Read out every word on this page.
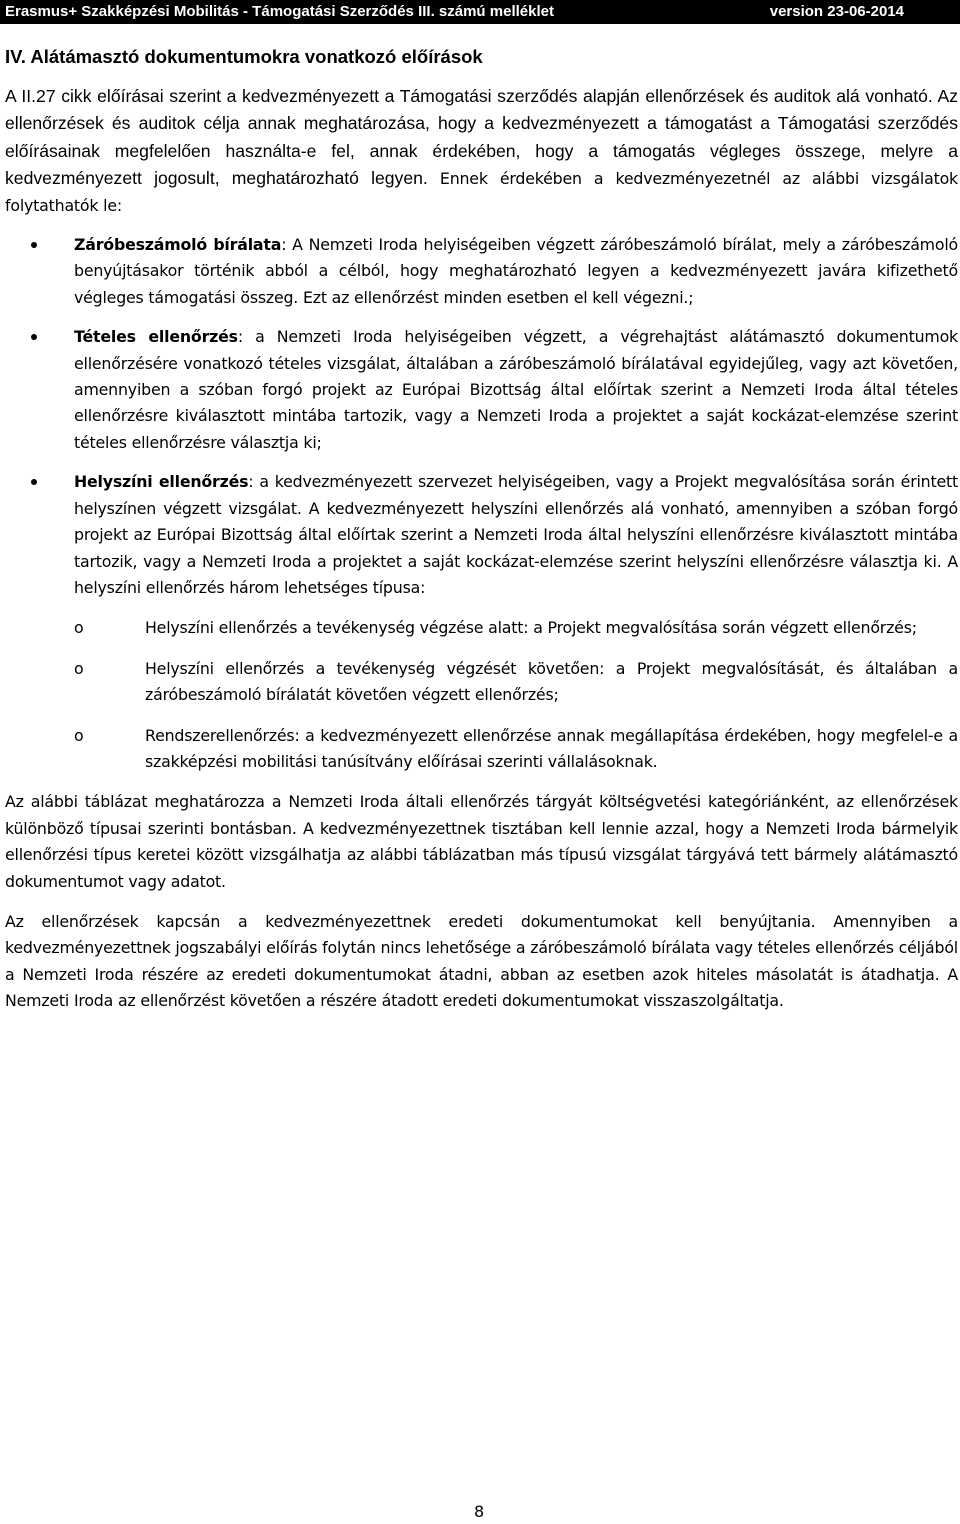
Erasmus+ Szakképzési Mobilitás - Támogatási Szerződés III. számú melléklet	version 23-06-2014
IV. Alátámasztó dokumentumokra vonatkozó előírások

A II.27 cikk előírásai szerint a kedvezményezett a Támogatási szerződés alapján ellenőrzések és auditok alá vonható. Az ellenőrzések és auditok célja annak meghatározása, hogy a kedvezményezett a támogatást a Támogatási szerződés előírásainak megfelelően használta-e fel, annak érdekében, hogy a támogatás végleges összege, melyre a kedvezményezett jogosult, meghatározható legyen. Ennek érdekében a kedvezményezetnél az alábbi vizsgálatok folytathatók le:

Záróbeszámoló bírálata: A Nemzeti Iroda helyiségeiben végzett záróbeszámoló bírálat, mely a záróbeszámoló benyújtásakor történik abból a célból, hogy meghatározható legyen a kedvezményezett javára kifizethető végleges támogatási összeg. Ezt az ellenőrzést minden esetben el kell végezni.;
Tételes ellenőrzés: a Nemzeti Iroda helyiségeiben végzett, a végrehajtást alátámasztó dokumentumok ellenőrzésére vonatkozó tételes vizsgálat, általában a záróbeszámoló bírálatával egyidejűleg, vagy azt követően, amennyiben a szóban forgó projekt az Európai Bizottság által előírtak szerint a Nemzeti Iroda által tételes ellenőrzésre kiválasztott mintába tartozik, vagy a Nemzeti Iroda a projektet a saját kockázat-elemzése szerint tételes ellenőrzésre választja ki;
Helyszíni ellenőrzés: a kedvezményezett szervezet helyiségeiben, vagy a Projekt megvalósítása során érintett helyszínen végzett vizsgálat. A kedvezményezett helyszíni ellenőrzés alá vonható, amennyiben a szóban forgó projekt az Európai Bizottság által előírtak szerint a Nemzeti Iroda által helyszíni ellenőrzésre kiválasztott mintába tartozik, vagy a Nemzeti Iroda a projektet a saját kockázat-elemzése szerint helyszíni ellenőrzésre választja ki. A helyszíni ellenőrzés három lehetséges típusa:
o	Helyszíni ellenőrzés a tevékenység végzése alatt: a Projekt megvalósítása során végzett ellenőrzés;
o	Helyszíni ellenőrzés a tevékenység végzését követően: a Projekt megvalósítását, és általában a záróbeszámoló bírálatát követően végzett ellenőrzés;
o	Rendszerellenőrzés: a kedvezményezett ellenőrzése annak megállapítása érdekében, hogy megfelel-e a szakképzési mobilitási tanúsítvány előírásai szerinti vállalásoknak.

Az alábbi táblázat meghatározza a Nemzeti Iroda általi ellenőrzés tárgyát költségvetési kategóriánként, az ellenőrzések különböző típusai szerinti bontásban. A kedvezményezettnek tisztában kell lennie azzal, hogy a Nemzeti Iroda bármelyik ellenőrzési típus keretei között vizsgálhatja az alábbi táblázatban más típusú vizsgálat tárgyává tett bármely alátámasztó dokumentumot vagy adatot.

Az ellenőrzések kapcsán a kedvezményezettnek eredeti dokumentumokat kell benyújtania. Amennyiben a kedvezményezettnek jogszabályi előírás folytán nincs lehetősége a záróbeszámoló bírálata vagy tételes ellenőrzés céljából a Nemzeti Iroda részére az eredeti dokumentumokat átadni, abban az esetben azok hiteles másolatát is átadhatja. A Nemzeti Iroda az ellenőrzést követően a részére átadott eredeti dokumentumokat visszaszolgáltatja.

8
